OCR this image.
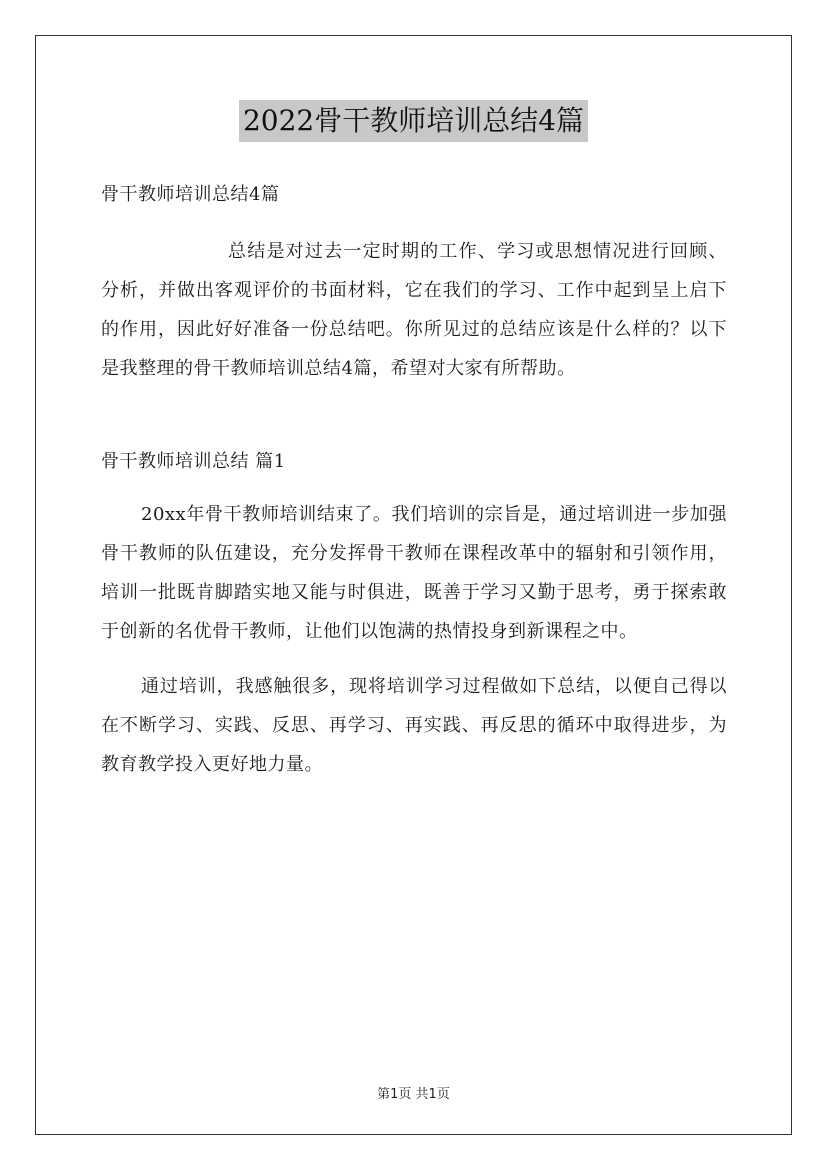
2022骨干教师培训总结4篇

骨干教师培训总结4篇

总结是对过去一定时期的工作、学习或思想情况进行回顾、分析，并做出客观评价的书面材料，它在我们的学习、工作中起到呈上启下的作用，因此好好准备一份总结吧。你所见过的总结应该是什么样的？以下是我整理的骨干教师培训总结4篇，希望对大家有所帮助。

骨干教师培训总结 篇1

20xx年骨干教师培训结束了。我们培训的宗旨是，通过培训进一步加强骨干教师的队伍建设，充分发挥骨干教师在课程改革中的辐射和引领作用，培训一批既肯脚踏实地又能与时俱进，既善于学习又勤于思考，勇于探索敢于创新的名优骨干教师，让他们以饱满的热情投身到新课程之中。

通过培训，我感触很多，现将培训学习过程做如下总结，以便自己得以在不断学习、实践、反思、再学习、再实践、再反思的循环中取得进步，为教育教学投入更好地力量。

第1页 共1页
